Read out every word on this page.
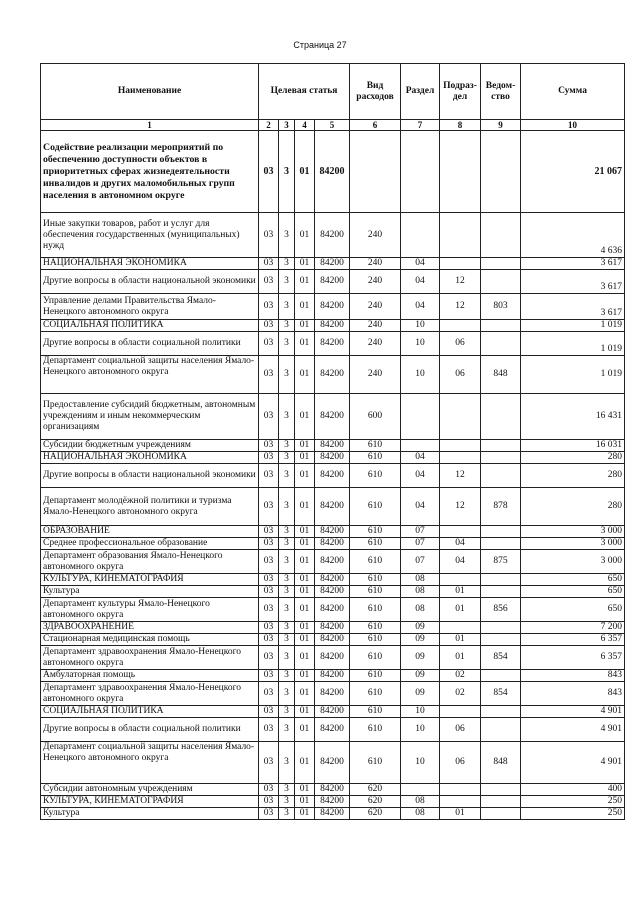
Страница 27
Наименование	Целевая статья				Вид расходов	Раздел	Подраз-дел	Ведом-ство	Сумма
1	2	3	4	5	6	7	8	9	10
Содействие реализации мероприятий по обеспечению доступности объектов в приоритетных сферах жизнедеятельности инвалидов и других маломобильных групп населения в автономном округе	03	3	01	84200					21 067
Иные закупки товаров, работ и услуг для обеспечения государственных (муниципальных) нужд	03	3	01	84200	240				4 636
НАЦИОНАЛЬНАЯ ЭКОНОМИКА	03	3	01	84200	240	04			3 617
Другие вопросы в области национальной экономики	03	3	01	84200	240	04	12		3 617
Управление делами Правительства Ямало-Ненецкого автономного округа	03	3	01	84200	240	04	12	803	3 617
СОЦИАЛЬНАЯ ПОЛИТИКА	03	3	01	84200	240	10			1 019
Другие вопросы в области социальной политики	03	3	01	84200	240	10	06		1 019
Департамент социальной защиты населения Ямало-Ненецкого автономного округа	03	3	01	84200	240	10	06	848	1 019
Предоставление субсидий бюджетным, автономным учреждениям и иным некоммерческим организациям	03	3	01	84200	600				16 431
Субсидии бюджетным учреждениям	03	3	01	84200	610				16 031
НАЦИОНАЛЬНАЯ ЭКОНОМИКА	03	3	01	84200	610	04			280
Другие вопросы в области национальной экономики	03	3	01	84200	610	04	12		280
Департамент молодёжной политики и туризма Ямало-Ненецкого автономного округа	03	3	01	84200	610	04	12	878	280
ОБРАЗОВАНИЕ	03	3	01	84200	610	07			3 000
Среднее профессиональное образование	03	3	01	84200	610	07	04		3 000
Департамент образования Ямало-Ненецкого автономного округа	03	3	01	84200	610	07	04	875	3 000
КУЛЬТУРА, КИНЕМАТОГРАФИЯ	03	3	01	84200	610	08			650
Культура	03	3	01	84200	610	08	01		650
Департамент культуры Ямало-Ненецкого автономного округа	03	3	01	84200	610	08	01	856	650
ЗДРАВООХРАНЕНИЕ	03	3	01	84200	610	09			7 200
Стационарная медицинская помощь	03	3	01	84200	610	09	01		6 357
Департамент здравоохранения Ямало-Ненецкого автономного округа	03	3	01	84200	610	09	01	854	6 357
Амбулаторная помощь	03	3	01	84200	610	09	02		843
Департамент здравоохранения Ямало-Ненецкого автономного округа	03	3	01	84200	610	09	02	854	843
СОЦИАЛЬНАЯ ПОЛИТИКА	03	3	01	84200	610	10			4 901
Другие вопросы в области социальной политики	03	3	01	84200	610	10	06		4 901
Департамент социальной защиты населения Ямало-Ненецкого автономного округа	03	3	01	84200	610	10	06	848	4 901
Субсидии автономным учреждениям	03	3	01	84200	620				400
КУЛЬТУРА, КИНЕМАТОГРАФИЯ	03	3	01	84200	620	08			250
Культура	03	3	01	84200	620	08	01		250
